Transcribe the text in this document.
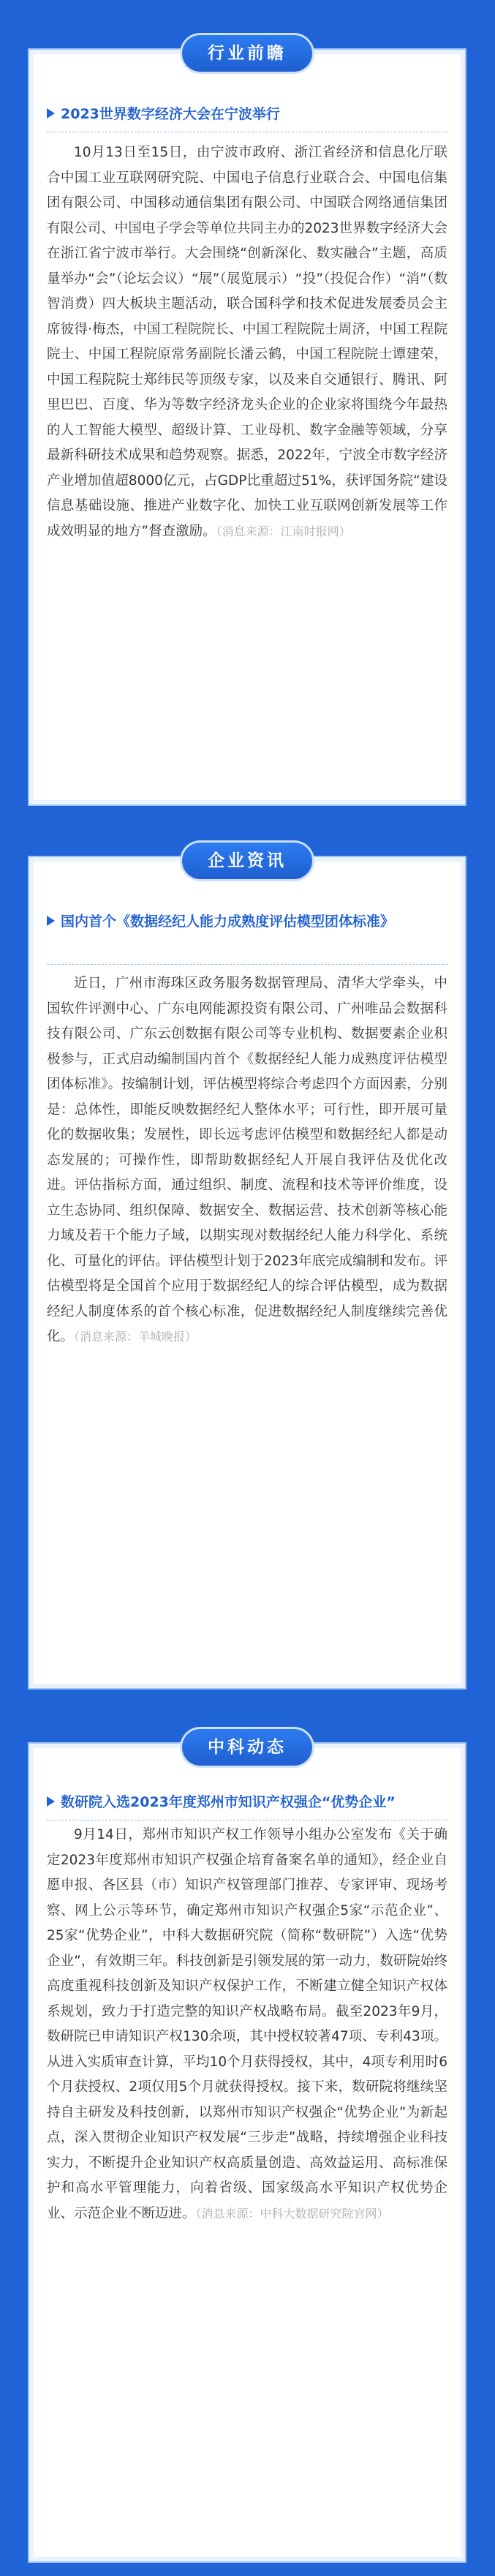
行业前瞻
2023世界数字经济大会在宁波举行

10月13日至15日，由宁波市政府、浙江省经济和信息化厅联合中国工业互联网研究院、中国电子信息行业联合会、中国电信集团有限公司、中国移动通信集团有限公司、中国联合网络通信集团有限公司、中国电子学会等单位共同主办的2023世界数字经济大会在浙江省宁波市举行。大会围绕“创新深化、数实融合”主题，高质量举办“会”（论坛会议）“展”（展览展示）“投”（投促合作）“消”（数智消费）四大板块主题活动，联合国科学和技术促进发展委员会主席彼得·梅杰，中国工程院院长、中国工程院院士周济，中国工程院院士、中国工程院原常务副院长潘云鹤，中国工程院院士谭建荣，中国工程院院士郑纬民等顶级专家，以及来自交通银行、腾讯、阿里巴巴、百度、华为等数字经济龙头企业的企业家将围绕今年最热的人工智能大模型、超级计算、工业母机、数字金融等领域，分享最新科研技术成果和趋势观察。据悉，2022年，宁波全市数字经济产业增加值超8000亿元，占GDP比重超过51%，获评国务院“建设信息基础设施、推进产业数字化、加快工业互联网创新发展等工作成效明显的地方”督查激励。（消息来源：江南时报网）

企业资讯
国内首个《数据经纪人能力成熟度评估模型团体标准》

近日，广州市海珠区政务服务数据管理局、清华大学牵头，中国软件评测中心、广东电网能源投资有限公司、广州唯品会数据科技有限公司、广东云创数据有限公司等专业机构、数据要素企业积极参与，正式启动编制国内首个《数据经纪人能力成熟度评估模型团体标准》。按编制计划，评估模型将综合考虑四个方面因素，分别是：总体性，即能反映数据经纪人整体水平；可行性，即开展可量化的数据收集；发展性，即长远考虑评估模型和数据经纪人都是动态发展的；可操作性，即帮助数据经纪人开展自我评估及优化改进。评估指标方面，通过组织、制度、流程和技术等评价维度，设立生态协同、组织保障、数据安全、数据运营、技术创新等核心能力域及若干个能力子域，以期实现对数据经纪人能力科学化、系统化、可量化的评估。评估模型计划于2023年底完成编制和发布。评估模型将是全国首个应用于数据经纪人的综合评估模型，成为数据经纪人制度体系的首个核心标准，促进数据经纪人制度继续完善优化。（消息来源：羊城晚报）

中科动态
数研院入选2023年度郑州市知识产权强企“优势企业”

9月14日，郑州市知识产权工作领导小组办公室发布《关于确定2023年度郑州市知识产权强企培育备案名单的通知》，经企业自愿申报、各区县（市）知识产权管理部门推荐、专家评审、现场考察、网上公示等环节，确定郑州市知识产权强企5家“示范企业”、25家“优势企业”，中科大数据研究院（简称“数研院”）入选“优势企业”，有效期三年。科技创新是引领发展的第一动力，数研院始终高度重视科技创新及知识产权保护工作，不断建立健全知识产权体系规划，致力于打造完整的知识产权战略布局。截至2023年9月，数研院已申请知识产权130余项，其中授权较著47项、专利43项。从进入实质审查计算，平均10个月获得授权，其中，4项专利用时6个月获授权、2项仅用5个月就获得授权。接下来，数研院将继续坚持自主研发及科技创新，以郑州市知识产权强企“优势企业”为新起点，深入贯彻企业知识产权发展“三步走”战略，持续增强企业科技实力，不断提升企业知识产权高质量创造、高效益运用、高标准保护和高水平管理能力，向着省级、国家级高水平知识产权优势企业、示范企业不断迈进。（消息来源：中科大数据研究院官网）
